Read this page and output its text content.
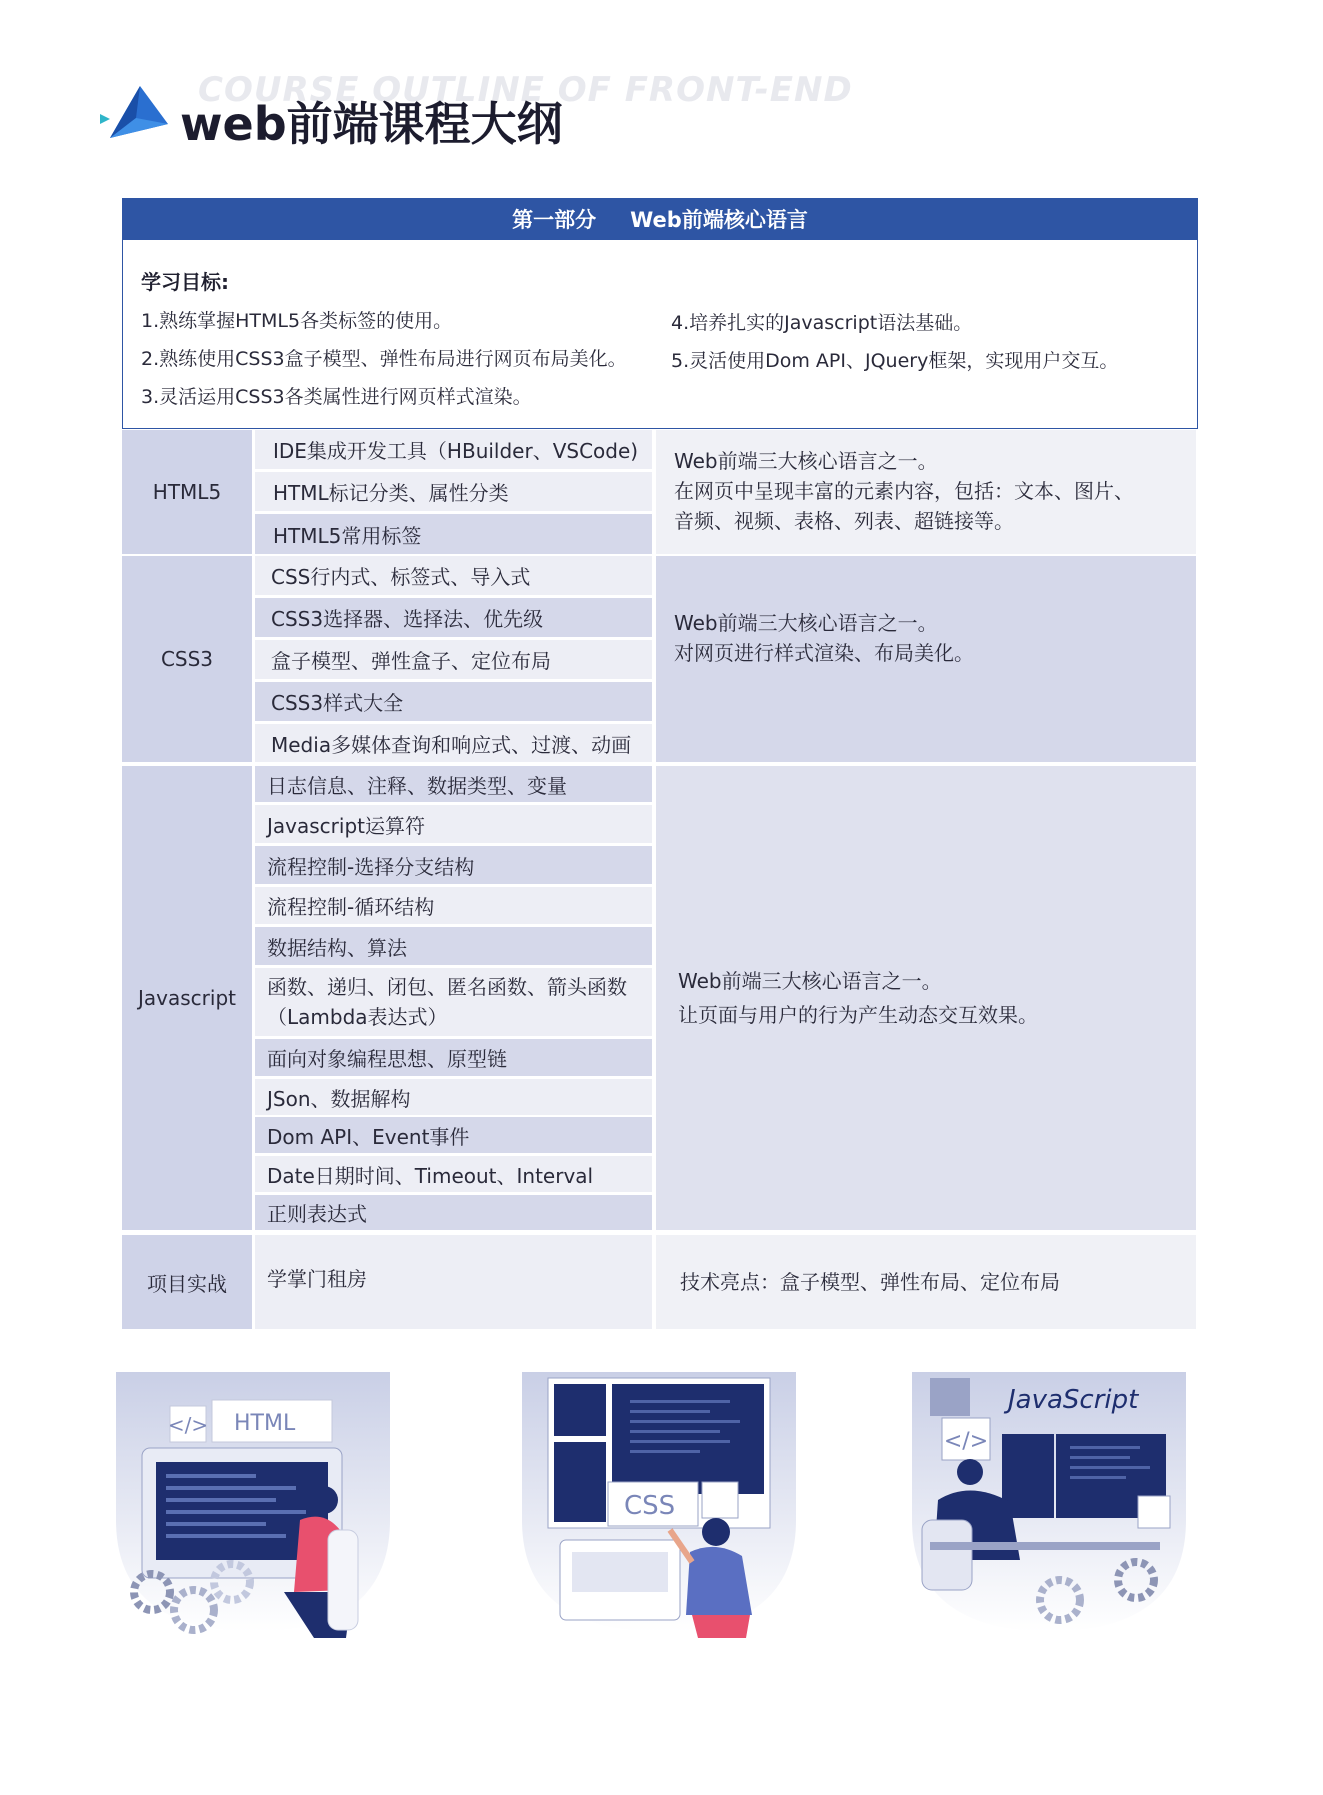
COURSE OUTLINE OF FRONT-END
web前端课程大纲
第一部分 Web前端核心语言
学习目标:
1.熟练掌握HTML5各类标签的使用。
2.熟练使用CSS3盒子模型、弹性布局进行网页布局美化。
3.灵活运用CSS3各类属性进行网页样式渲染。
4.培养扎实的Javascript语法基础。
5.灵活使用Dom API、JQuery框架，实现用户交互。
HTML5
IDE集成开发工具（HBuilder、VSCode)
HTML标记分类、属性分类
HTML5常用标签
Web前端三大核心语言之一。
在网页中呈现丰富的元素内容，包括：文本、图片、
音频、视频、表格、列表、超链接等。
CSS3
CSS行内式、标签式、导入式
CSS3选择器、选择法、优先级
盒子模型、弹性盒子、定位布局
CSS3样式大全
Media多媒体查询和响应式、过渡、动画
Web前端三大核心语言之一。
对网页进行样式渲染、布局美化。
Javascript
日志信息、注释、数据类型、变量
Javascript运算符
流程控制-选择分支结构
流程控制-循环结构
数据结构、算法
函数、递归、闭包、匿名函数、箭头函数
（Lambda表达式）
面向对象编程思想、原型链
JSon、数据解构
Dom API、Event事件
Date日期时间、Timeout、Interval
正则表达式
Web前端三大核心语言之一。
让页面与用户的行为产生动态交互效果。
项目实战	学掌门租房	技术亮点：盒子模型、弹性布局、定位布局
</> HTML
CSS
</>
JavaScript
